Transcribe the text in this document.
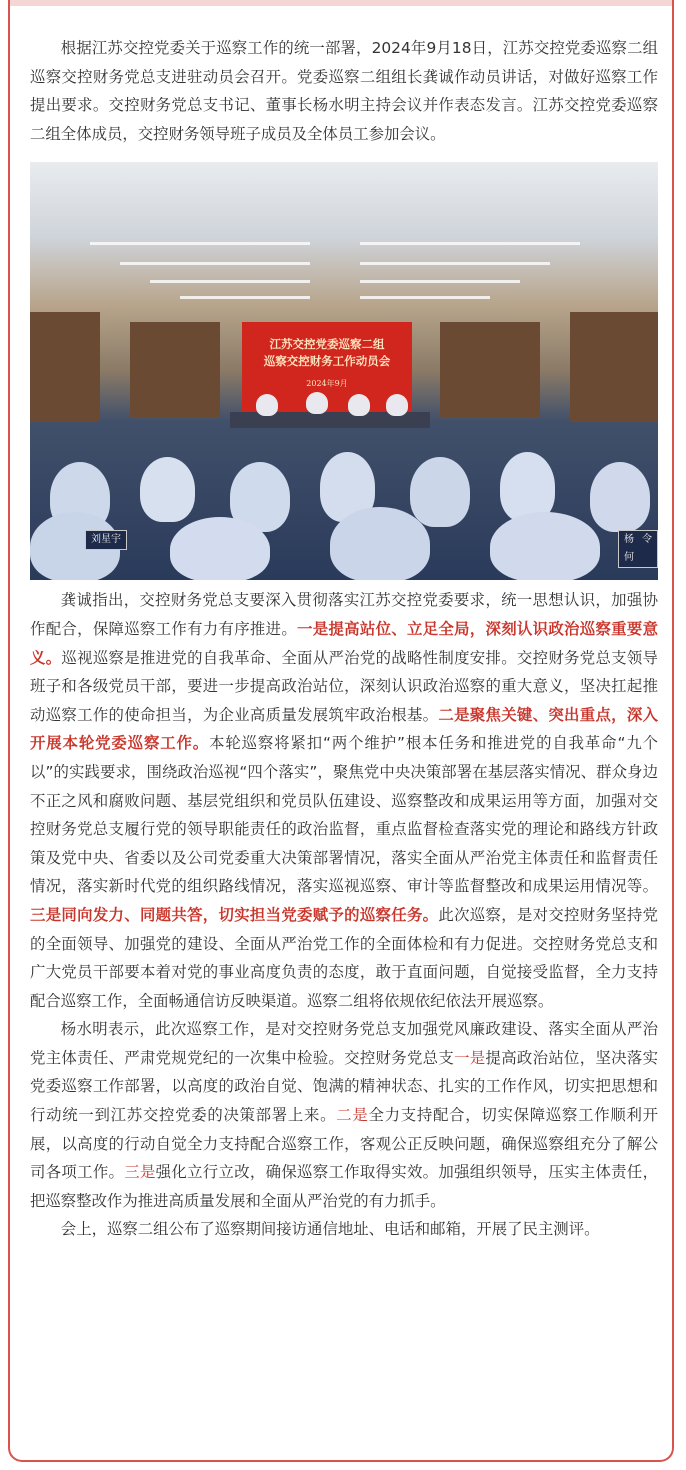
根据江苏交控党委关于巡察工作的统一部署，2024年9月18日，江苏交控党委巡察二组巡察交控财务党总支进驻动员会召开。党委巡察二组组长龚诚作动员讲话，对做好巡察工作提出要求。交控财务党总支书记、董事长杨水明主持会议并作表态发言。江苏交控党委巡察二组全体成员，交控财务领导班子成员及全体员工参加会议。

江苏交控党委巡察二组
巡察交控财务工作动员会
2024年9月
刘星宇	杨令何

龚诚指出，交控财务党总支要深入贯彻落实江苏交控党委要求，统一思想认识，加强协作配合，保障巡察工作有力有序推进。一是提高站位、立足全局，深刻认识政治巡察重要意义。巡视巡察是推进党的自我革命、全面从严治党的战略性制度安排。交控财务党总支领导班子和各级党员干部，要进一步提高政治站位，深刻认识政治巡察的重大意义，坚决扛起推动巡察工作的使命担当，为企业高质量发展筑牢政治根基。二是聚焦关键、突出重点，深入开展本轮党委巡察工作。本轮巡察将紧扣“两个维护”根本任务和推进党的自我革命“九个以”的实践要求，围绕政治巡视“四个落实”，聚焦党中央决策部署在基层落实情况、群众身边不正之风和腐败问题、基层党组织和党员队伍建设、巡察整改和成果运用等方面，加强对交控财务党总支履行党的领导职能责任的政治监督，重点监督检查落实党的理论和路线方针政策及党中央、省委以及公司党委重大决策部署情况，落实全面从严治党主体责任和监督责任情况，落实新时代党的组织路线情况，落实巡视巡察、审计等监督整改和成果运用情况等。三是同向发力、同题共答，切实担当党委赋予的巡察任务。此次巡察，是对交控财务坚持党的全面领导、加强党的建设、全面从严治党工作的全面体检和有力促进。交控财务党总支和广大党员干部要本着对党的事业高度负责的态度，敢于直面问题，自觉接受监督，全力支持配合巡察工作，全面畅通信访反映渠道。巡察二组将依规依纪依法开展巡察。

杨水明表示，此次巡察工作，是对交控财务党总支加强党风廉政建设、落实全面从严治党主体责任、严肃党规党纪的一次集中检验。交控财务党总支一是提高政治站位，坚决落实党委巡察工作部署，以高度的政治自觉、饱满的精神状态、扎实的工作作风，切实把思想和行动统一到江苏交控党委的决策部署上来。二是全力支持配合，切实保障巡察工作顺利开展，以高度的行动自觉全力支持配合巡察工作，客观公正反映问题，确保巡察组充分了解公司各项工作。三是强化立行立改，确保巡察工作取得实效。加强组织领导，压实主体责任，把巡察整改作为推进高质量发展和全面从严治党的有力抓手。

会上，巡察二组公布了巡察期间接访通信地址、电话和邮箱，开展了民主测评。
